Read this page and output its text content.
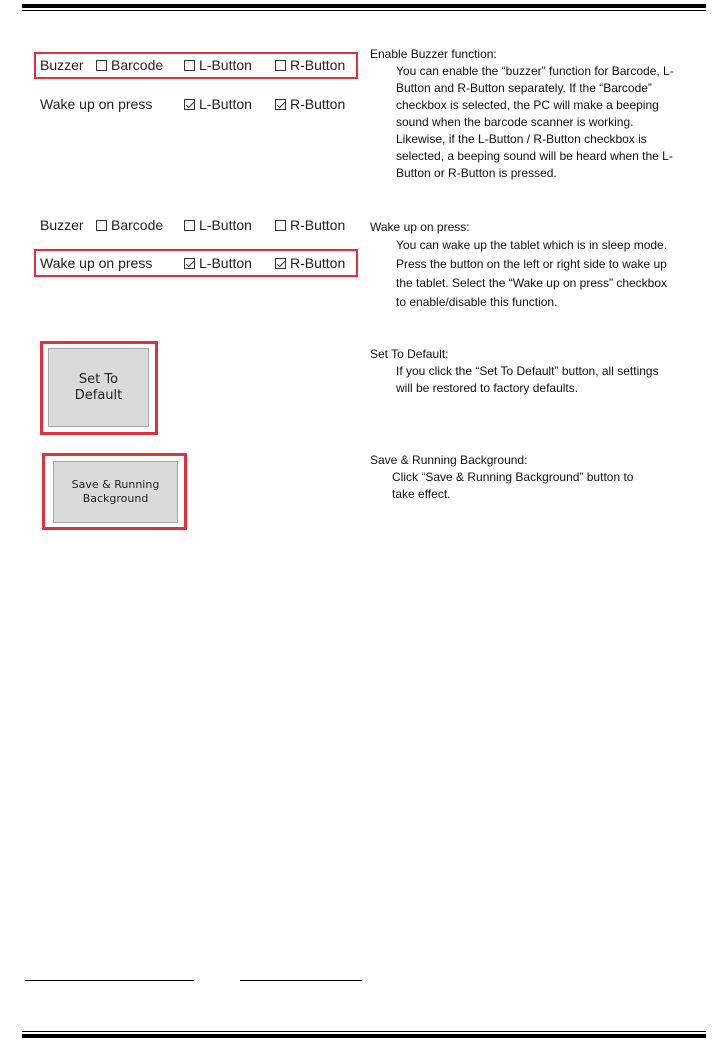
Buzzer Barcode	L-Button	R-Button
Wake up on press	L-Button	R-Button
Enable Buzzer function:
You can enable the “buzzer” function for Barcode, L-Button and R-Button separately. If the “Barcode” checkbox is selected, the PC will make a beeping sound when the barcode scanner is working. Likewise, if the L-Button / R-Button checkbox is selected, a beeping sound will be heard when the L-Button or R-Button is pressed.
Buzzer Barcode	L-Button	R-Button
Wake up on press	L-Button	R-Button
Wake up on press:
You can wake up the tablet which is in sleep mode. Press the button on the left or right side to wake up the tablet. Select the “Wake up on press” checkbox to enable/disable this function.
Set To
Default
Set To Default:
If you click the “Set To Default” button, all settings will be restored to factory defaults.
Save & Running
Background
Save & Running Background:
Click “Save & Running Background” button to take effect.
